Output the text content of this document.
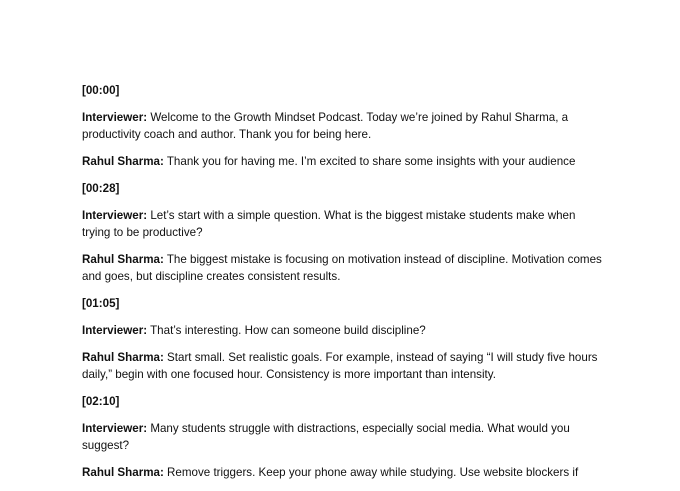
[00:00]

Interviewer: Welcome to the Growth Mindset Podcast. Today we’re joined by Rahul Sharma, a productivity coach and author. Thank you for being here.

Rahul Sharma: Thank you for having me. I’m excited to share some insights with your audience

[00:28]

Interviewer: Let’s start with a simple question. What is the biggest mistake students make when trying to be productive?

Rahul Sharma: The biggest mistake is focusing on motivation instead of discipline. Motivation comes and goes, but discipline creates consistent results.

[01:05]

Interviewer: That’s interesting. How can someone build discipline?

Rahul Sharma: Start small. Set realistic goals. For example, instead of saying “I will study five hours daily,” begin with one focused hour. Consistency is more important than intensity.

[02:10]

Interviewer: Many students struggle with distractions, especially social media. What would you suggest?

Rahul Sharma: Remove triggers. Keep your phone away while studying. Use website blockers if
